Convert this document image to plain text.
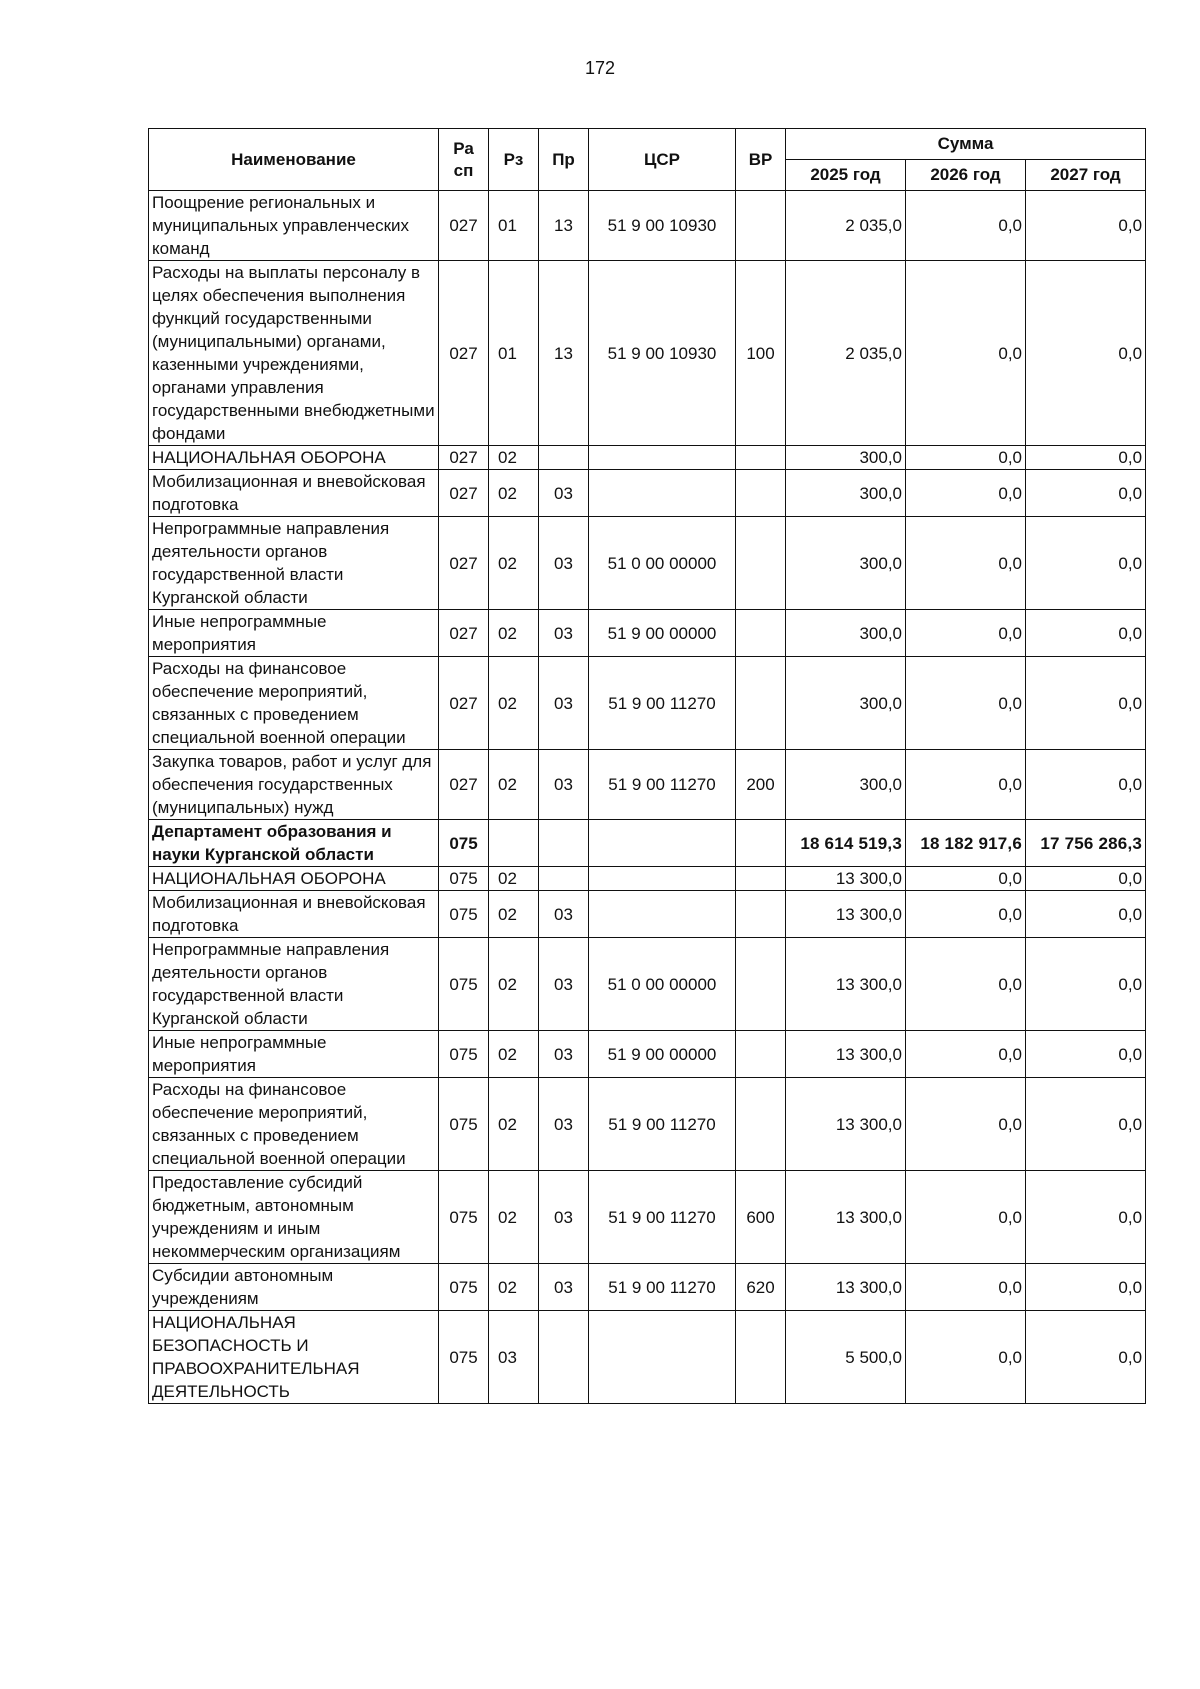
172
Наименование	Ра сп	Рз	Пр	ЦСР	ВР	Сумма		
						2025 год	2026 год	2027 год
Поощрение региональных и муниципальных управленческих команд	027	01	13	51 9 00 10930		2 035,0	0,0	0,0
Расходы на выплаты персоналу в целях обеспечения выполнения функций государственными (муниципальными) органами, казенными учреждениями, органами управления государственными внебюджетными фондами	027	01	13	51 9 00 10930	100	2 035,0	0,0	0,0
НАЦИОНАЛЬНАЯ ОБОРОНА	027	02				300,0	0,0	0,0
Мобилизационная и вневойсковая подготовка	027	02	03			300,0	0,0	0,0
Непрограммные направления деятельности органов государственной власти Курганской области	027	02	03	51 0 00 00000		300,0	0,0	0,0
Иные непрограммные мероприятия	027	02	03	51 9 00 00000		300,0	0,0	0,0
Расходы на финансовое обеспечение мероприятий, связанных с проведением специальной военной операции	027	02	03	51 9 00 11270		300,0	0,0	0,0
Закупка товаров, работ и услуг для обеспечения государственных (муниципальных) нужд	027	02	03	51 9 00 11270	200	300,0	0,0	0,0
Департамент образования и науки Курганской области	075					18 614 519,3	18 182 917,6	17 756 286,3
НАЦИОНАЛЬНАЯ ОБОРОНА	075	02				13 300,0	0,0	0,0
Мобилизационная и вневойсковая подготовка	075	02	03			13 300,0	0,0	0,0
Непрограммные направления деятельности органов государственной власти Курганской области	075	02	03	51 0 00 00000		13 300,0	0,0	0,0
Иные непрограммные мероприятия	075	02	03	51 9 00 00000		13 300,0	0,0	0,0
Расходы на финансовое обеспечение мероприятий, связанных с проведением специальной военной операции	075	02	03	51 9 00 11270		13 300,0	0,0	0,0
Предоставление субсидий бюджетным, автономным учреждениям и иным некоммерческим организациям	075	02	03	51 9 00 11270	600	13 300,0	0,0	0,0
Субсидии автономным учреждениям	075	02	03	51 9 00 11270	620	13 300,0	0,0	0,0
НАЦИОНАЛЬНАЯ БЕЗОПАСНОСТЬ И ПРАВООХРАНИТЕЛЬНАЯ ДЕЯТЕЛЬНОСТЬ	075	03				5 500,0	0,0	0,0
